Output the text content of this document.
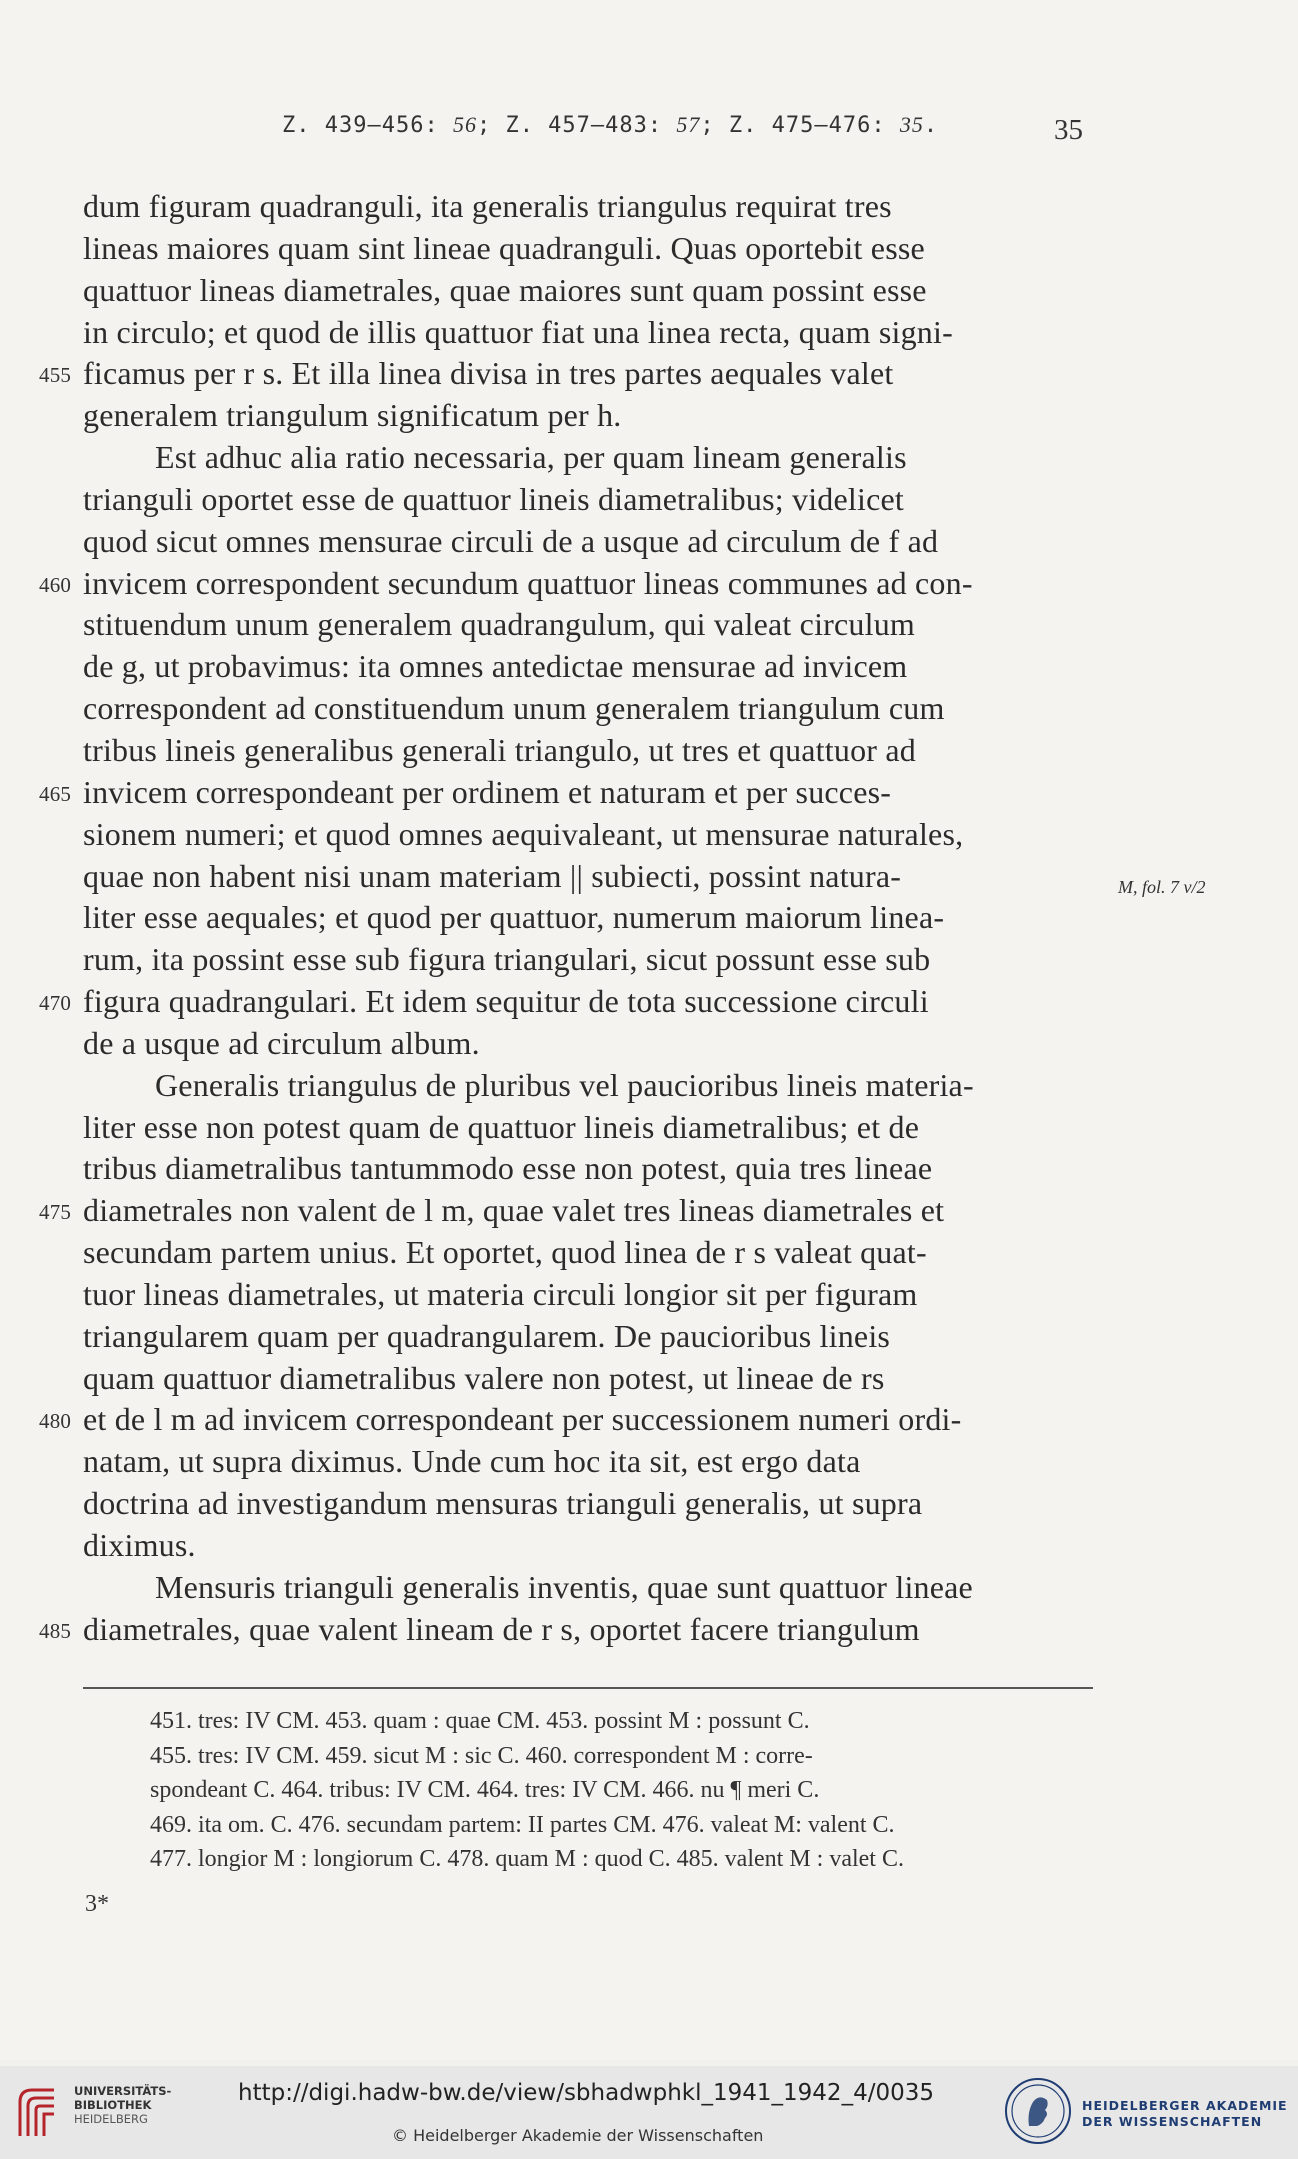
Z. 439—456: 56; Z. 457—483: 57; Z. 475—476: 35.	35
dum figuram quadranguli, ita generalis triangulus requirat tres
lineas maiores quam sint lineae quadranguli. Quas oportebit esse
quattuor lineas diametrales, quae maiores sunt quam possint esse
in circulo; et quod de illis quattuor fiat una linea recta, quam signi-
455 ficamus per r s. Et illa linea divisa in tres partes aequales valet
generalem triangulum significatum per h.
Est adhuc alia ratio necessaria, per quam lineam generalis
trianguli oportet esse de quattuor lineis diametralibus; videlicet
quod sicut omnes mensurae circuli de a usque ad circulum de f ad
460 invicem correspondent secundum quattuor lineas communes ad con-
stituendum unum generalem quadrangulum, qui valeat circulum
de g, ut probavimus: ita omnes antedictae mensurae ad invicem
correspondent ad constituendum unum generalem triangulum cum
tribus lineis generalibus generali triangulo, ut tres et quattuor ad
465 invicem correspondeant per ordinem et naturam et per succes-
sionem numeri; et quod omnes aequivaleant, ut mensurae naturales,
quae non habent nisi unam materiam || subiecti, possint natura-
liter esse aequales; et quod per quattuor, numerum maiorum linea-
rum, ita possint esse sub figura triangulari, sicut possunt esse sub
470 figura quadrangulari. Et idem sequitur de tota successione circuli
de a usque ad circulum album.
Generalis triangulus de pluribus vel paucioribus lineis materia-
liter esse non potest quam de quattuor lineis diametralibus; et de
tribus diametralibus tantummodo esse non potest, quia tres lineae
475 diametrales non valent de l m, quae valet tres lineas diametrales et
secundam partem unius. Et oportet, quod linea de r s valeat quat-
tuor lineas diametrales, ut materia circuli longior sit per figuram
triangularem quam per quadrangularem. De paucioribus lineis
quam quattuor diametralibus valere non potest, ut lineae de rs
480 et de l m ad invicem correspondeant per successionem numeri ordi-
natam, ut supra diximus. Unde cum hoc ita sit, est ergo data
doctrina ad investigandum mensuras trianguli generalis, ut supra
diximus.
Mensuris trianguli generalis inventis, quae sunt quattuor lineae
485 diametrales, quae valent lineam de r s, oportet facere triangulum
M, fol. 7 v/2
451. tres: IV CM. 453. quam : quae CM. 453. possint M : possunt C.
455. tres: IV CM. 459. sicut M : sic C. 460. correspondent M : corre-
spondeant C. 464. tribus: IV CM. 464. tres: IV CM. 466. nu ¶ meri C.
469. ita om. C. 476. secundam partem: II partes CM. 476. valeat M: valent C.
477. longior M : longiorum C. 478. quam M : quod C. 485. valent M : valet C.
3*
UNIVERSITÄTS-
BIBLIOTHEK
HEIDELBERG
http://digi.hadw-bw.de/view/sbhadwphkl_1941_1942_4/0035
© Heidelberger Akademie der Wissenschaften
HEIDELBERGER AKADEMIE
DER WISSENSCHAFTEN
